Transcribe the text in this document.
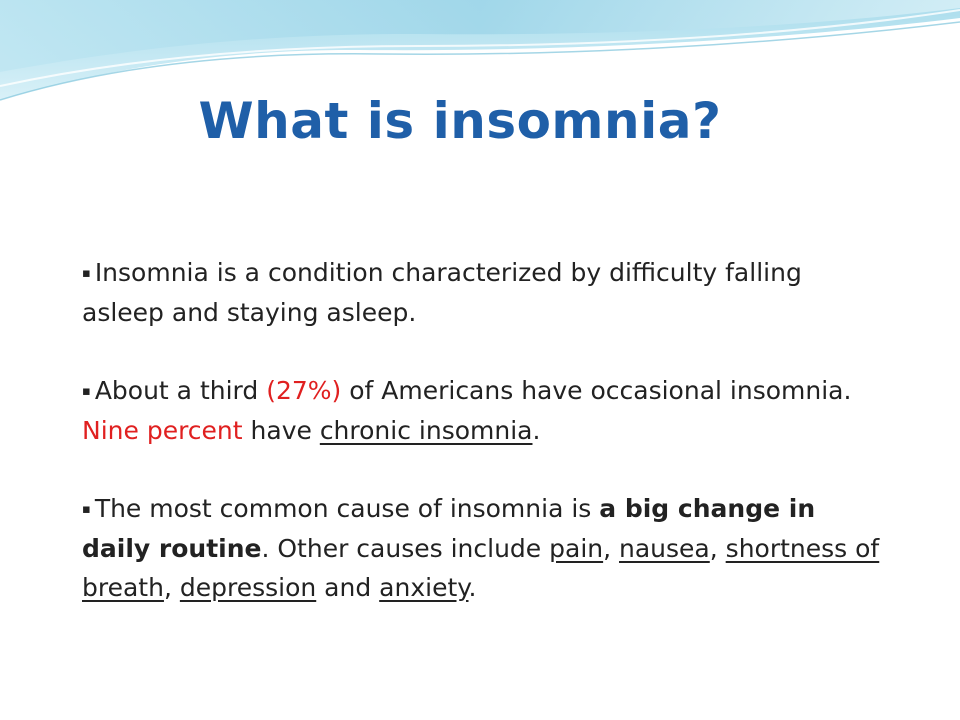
What is insomnia?

▪ Insomnia is a condition characterized by difficulty falling asleep and staying asleep.

▪ About a third (27%) of Americans have occasional insomnia. Nine percent have chronic insomnia.

▪ The most common cause of insomnia is a big change in daily routine. Other causes include pain, nausea, shortness of breath, depression and anxiety.
